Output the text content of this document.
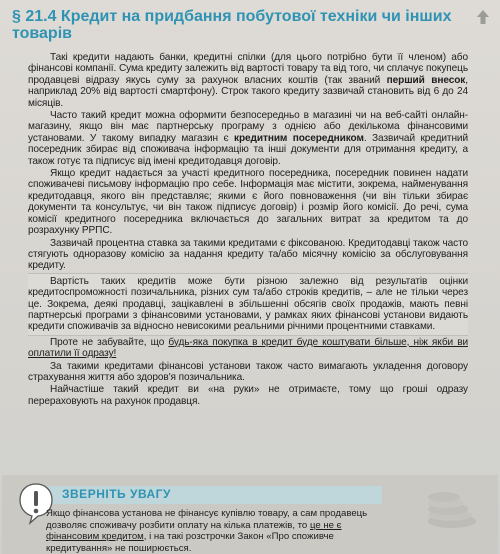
§ 21.4 Кредит на придбання побутової техніки чи інших товарів

Такі кредити надають банки, кредитні спілки (для цього потрібно бути її членом) або фінансові компанії. Сума кредиту залежить від вартості товару та від того, чи сплачує покупець продавцеві відразу якусь суму за рахунок власних коштів (так званий перший внесок, наприклад 20% від вартості смартфону). Строк такого кредиту зазвичай становить від 6 до 24 місяців.

Часто такий кредит можна оформити безпосередньо в магазині чи на веб-сайті онлайн-магазину, якщо він має партнерську програму з однією або декількома фінансовими установами. У такому випадку магазин є кредитним посередником. Зазвичай кредитний посередник збирає від споживача інформацію та інші документи для отримання кредиту, а також готує та підписує від імені кредитодавця договір.

Якщо кредит надається за участі кредитного посередника, посередник повинен надати споживачеві письмову інформацію про себе. Інформація має містити, зокрема, найменування кредитодавця, якого він представляє; якими є його повноваження (чи він тільки збирає документи та консультує, чи він також підписує договір) і розмір його комісії. До речі, сума комісії кредитного посередника включається до загальних витрат за кредитом та до розрахунку РРПС.

Зазвичай процентна ставка за такими кредитами є фіксованою. Кредитодавці також часто стягують одноразову комісію за надання кредиту та/або місячну комісію за обслуговування кредиту.

Вартість таких кредитів може бути різною залежно від результатів оцінки кредитоспроможності позичальника, різних сум та/або строків кредитів, – але не тільки через це. Зокрема, деякі продавці, зацікавлені в збільшенні обсягів своїх продажів, мають певні партнерські програми з фінансовими установами, у рамках яких фінансові установи видають кредити споживачів за відносно невисокими реальними річними процентними ставками.

Проте не забувайте, що будь-яка покупка в кредит буде коштувати більше, ніж якби ви оплатили її одразу!

За такими кредитами фінансові установи також часто вимагають укладення договору страхування життя або здоров'я позичальника.

Найчастіше такий кредит ви «на руки» не отримаєте, тому що гроші одразу перераховують на рахунок продавця.

ЗВЕРНІТЬ УВАГУ
Якщо фінансова установа не фінансує купівлю товару, а сам продавець дозволяє споживачу розбити оплату на кілька платежів, то це не є фінансовим кредитом, і на такі розстрочки Закон «Про споживче кредитування» не поширюється.
